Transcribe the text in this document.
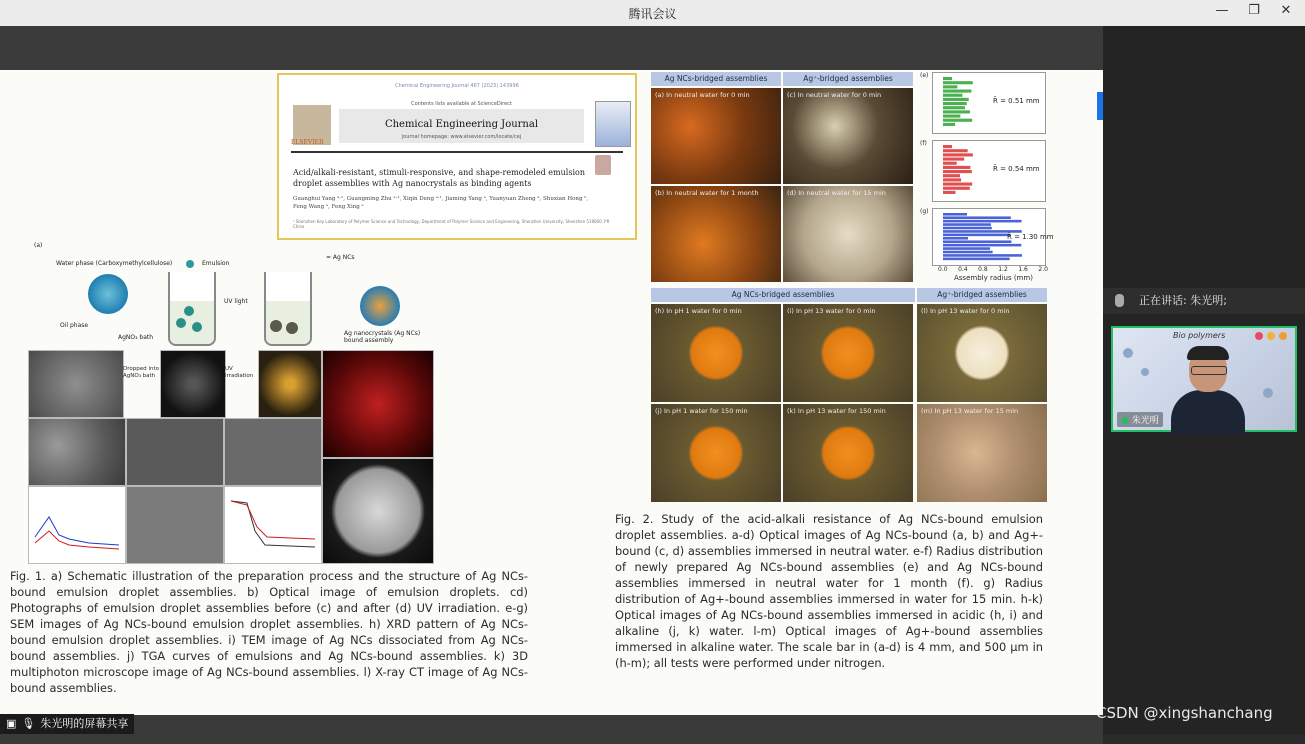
腾讯会议	— ❐ ✕
Chemical Engineering Journal 467 (2023) 143996
ELSEVIER
Contents lists available at ScienceDirect
Chemical Engineering Journal
journal homepage: www.elsevier.com/locate/cej
Acid/alkali-resistant, stimuli-responsive, and shape-remodeled emulsion droplet assemblies with Ag nanocrystals as binding agents
Guanghui Yang ᵃ·¹, Guangming Zhu ᵃ·¹, Xiqin Deng ᵃ·¹, Jiaming Yang ᵃ, Yuanyuan Zheng ᵃ, Shuxian Hong ᵇ, Feng Wang ᵃ, Feng Xing ᵃ
ᵃ Shenzhen Key Laboratory of Polymer Science and Technology, Department of Polymer Science and Engineering, Shenzhen University, Shenzhen 518060, PR China
(a)
Water phase (Carboxymethylcellulose)
Oil phase
Emulsion
AgNO₃ bath
UV light
= Ag NCs
Ag nanocrystals (Ag NCs) bound assembly
Dropped into AgNO₃ bath
UV irradiation
Fig. 1. a) Schematic illustration of the preparation process and the structure of Ag NCs-bound emulsion droplet assemblies. b) Optical image of emulsion droplets. cd) Photographs of emulsion droplet assemblies before (c) and after (d) UV irradiation. e-g) SEM images of Ag NCs-bound emulsion droplet assemblies. h) XRD pattern of Ag NCs-bound emulsion droplet assemblies. i) TEM image of Ag NCs dissociated from Ag NCs-bound assemblies. j) TGA curves of emulsions and Ag NCs-bound assemblies. k) 3D multiphoton microscope image of Ag NCs-bound assemblies. l) X-ray CT image of Ag NCs-bound assemblies.
Ag NCs-bridged assemblies	Ag⁺-bridged assemblies
(a) In neutral water for 0 min	(c) In neutral water for 0 min
(b) In neutral water for 1 month	(d) In neutral water for 15 min
R̄ = 0.51 mm
(e)
R̄ = 0.54 mm
(f)
R̄ = 1.30 mm
(g)
0.0 0.4 0.8 1.2 1.6 2.0
Assembly radius (mm)
Ag NCs-bridged assemblies	Ag⁺-bridged assemblies
(h) In pH 1 water for 0 min	(i) In pH 13 water for 0 min	(l) In pH 13 water for 0 min
(j) In pH 1 water for 150 min	(k) In pH 13 water for 150 min	(m) In pH 13 water for 15 min
Fig. 2. Study of the acid-alkali resistance of Ag NCs-bound emulsion droplet assemblies. a-d) Optical images of Ag NCs-bound (a, b) and Ag+-bound (c, d) assemblies immersed in neutral water. e-f) Radius distribution of newly prepared Ag NCs-bound assemblies (e) and Ag NCs-bound assemblies immersed in neutral water for 1 month (f). g) Radius distribution of Ag+-bound assemblies immersed in water for 15 min. h-k) Optical images of Ag NCs-bound assemblies immersed in acidic (h, i) and alkaline (j, k) water. l-m) Optical images of Ag+-bound assemblies immersed in alkaline water. The scale bar in (a-d) is 4 mm, and 500 μm in (h-m); all tests were performed under nitrogen.
正在讲话: 朱光明;
Bio polymers
● 朱光明
▣ 🎙 朱光明的屏幕共享
CSDN @xingshanchang
